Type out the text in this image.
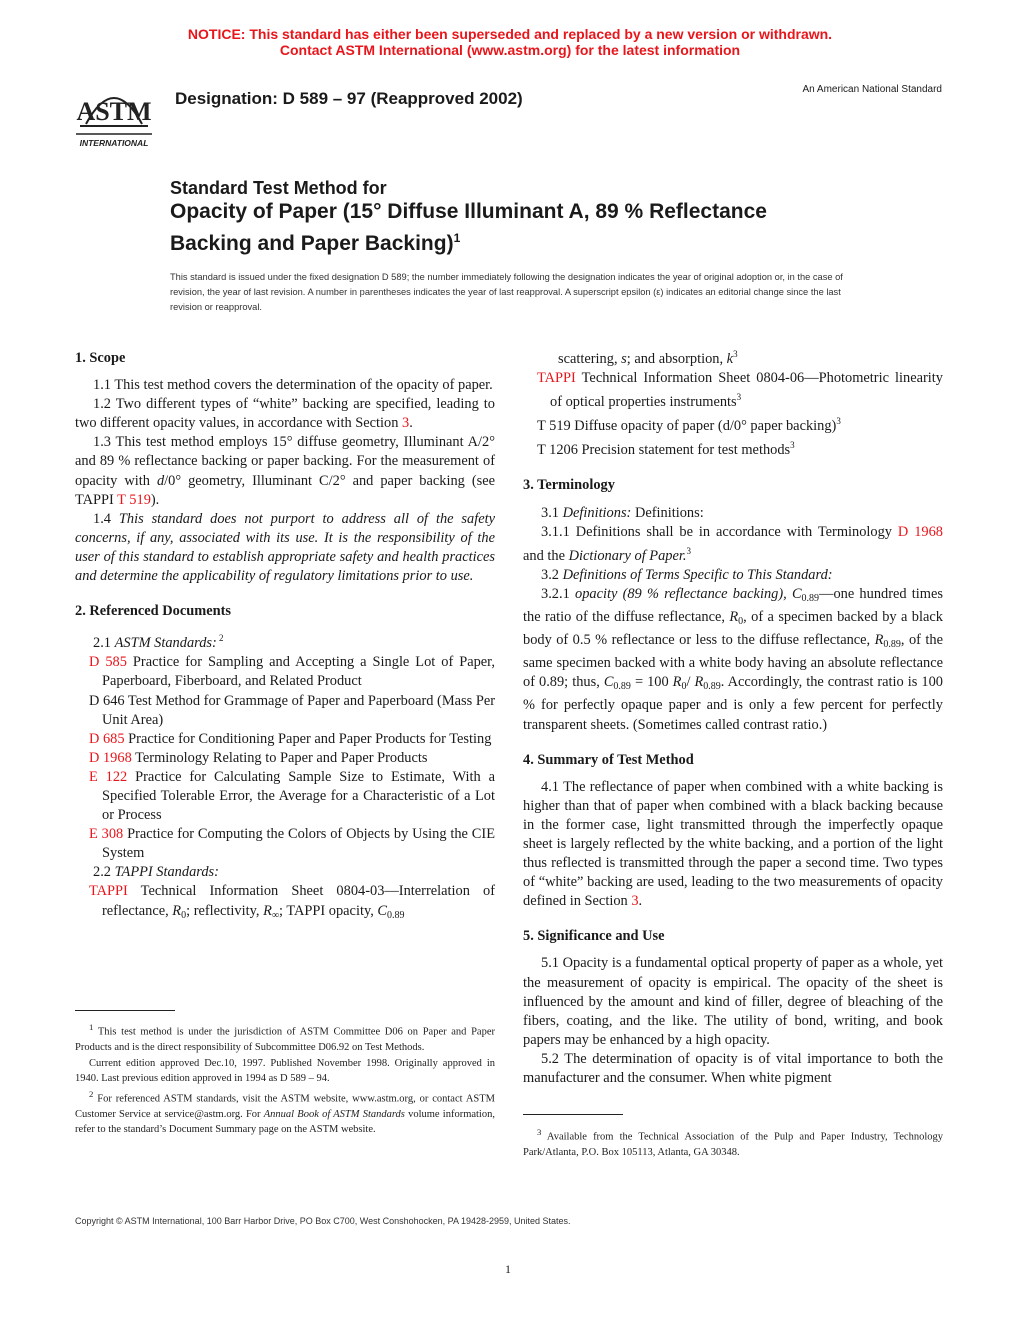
NOTICE: This standard has either been superseded and replaced by a new version or withdrawn.
Contact ASTM International (www.astm.org) for the latest information
ASTM
INTERNATIONAL
Designation: D 589 – 97 (Reapproved 2002)	An American National Standard
Standard Test Method for
Opacity of Paper (15° Diffuse Illuminant A, 89 % Reflectance
Backing and Paper Backing)$^1$
This standard is issued under the fixed designation D 589; the number immediately following the designation indicates the year of original adoption or, in the case of revision, the year of last revision. A number in parentheses indicates the year of last reapproval. A superscript epsilon (ε) indicates an editorial change since the last revision or reapproval.
1. Scope

1.1 This test method covers the determination of the opacity of paper.

1.2 Two different types of “white” backing are specified, leading to two different opacity values, in accordance with Section 3.

1.3 This test method employs 15° diffuse geometry, Illuminant A/2° and 89 % reflectance backing or paper backing. For the measurement of opacity with d/0° geometry, Illuminant C/2° and paper backing (see TAPPI T 519).

1.4 This standard does not purport to address all of the safety concerns, if any, associated with its use. It is the responsibility of the user of this standard to establish appropriate safety and health practices and determine the applicability of regulatory limitations prior to use.

2. Referenced Documents

2.1 ASTM Standards: $^2$

D 585 Practice for Sampling and Accepting a Single Lot of Paper, Paperboard, Fiberboard, and Related Product

D 646 Test Method for Grammage of Paper and Paperboard (Mass Per Unit Area)

D 685 Practice for Conditioning Paper and Paper Products for Testing

D 1968 Terminology Relating to Paper and Paper Products

E 122 Practice for Calculating Sample Size to Estimate, With a Specified Tolerable Error, the Average for a Characteristic of a Lot or Process

E 308 Practice for Computing the Colors of Objects by Using the CIE System

2.2 TAPPI Standards:

TAPPI Technical Information Sheet 0804-03—Interrelation of reflectance, $R_0$; reflectivity, $R_\infty$; TAPPI opacity, $C_{0.89}$

scattering, s; and absorption, $k^3$

TAPPI Technical Information Sheet 0804-06—Photometric linearity of optical properties instruments$^3$

T 519 Diffuse opacity of paper (d/0° paper backing)$^3$

T 1206 Precision statement for test methods$^3$

3. Terminology

3.1 Definitions: Definitions:

3.1.1 Definitions shall be in accordance with Terminology D 1968 and the Dictionary of Paper.$^3$

3.2 Definitions of Terms Specific to This Standard:

3.2.1 opacity (89 % reflectance backing), $C_{0.89}—one$ hundred times the ratio of the diffuse reflectance, $R_0$, of a specimen backed by a black body of 0.5 % reflectance or less to the diffuse reflectance, $R_{0.89}$, of the same specimen backed with a white body having an absolute reflectance of 0.89; thus, $C_{0.89} = 100$ $R_0/$ $R_{0.89}$. Accordingly, the contrast ratio is 100 % for perfectly opaque paper and is only a few percent for perfectly transparent sheets. (Sometimes called contrast ratio.)

4. Summary of Test Method

4.1 The reflectance of paper when combined with a white backing is higher than that of paper when combined with a black backing because in the former case, light transmitted through the imperfectly opaque sheet is largely reflected by the white backing, and a portion of the light thus reflected is transmitted through the paper a second time. Two types of “white” backing are used, leading to the two measurements of opacity defined in Section 3.

5. Significance and Use

5.1 Opacity is a fundamental optical property of paper as a whole, yet the measurement of opacity is empirical. The opacity of the sheet is influenced by the amount and kind of filler, degree of bleaching of the fibers, coating, and the like. The utility of bond, writing, and book papers may be enhanced by a high opacity.

5.2 The determination of opacity is of vital importance to both the manufacturer and the consumer. When white pigment

$^1$ This test method is under the jurisdiction of ASTM Committee D06 on Paper and Paper Products and is the direct responsibility of Subcommittee D06.92 on Test Methods.

Current edition approved Dec.10, 1997. Published November 1998. Originally approved in 1940. Last previous edition approved in 1994 as D 589 – 94.

$^2$ For referenced ASTM standards, visit the ASTM website, www.astm.org, or contact ASTM Customer Service at service@astm.org. For Annual Book of ASTM Standards volume information, refer to the standard’s Document Summary page on the ASTM website.	$^3$ Available from the Technical Association of the Pulp and Paper Industry, Technology Park/Atlanta, P.O. Box 105113, Atlanta, GA 30348.

Copyright © ASTM International, 100 Barr Harbor Drive, PO Box C700, West Conshohocken, PA 19428-2959, United States.
1
